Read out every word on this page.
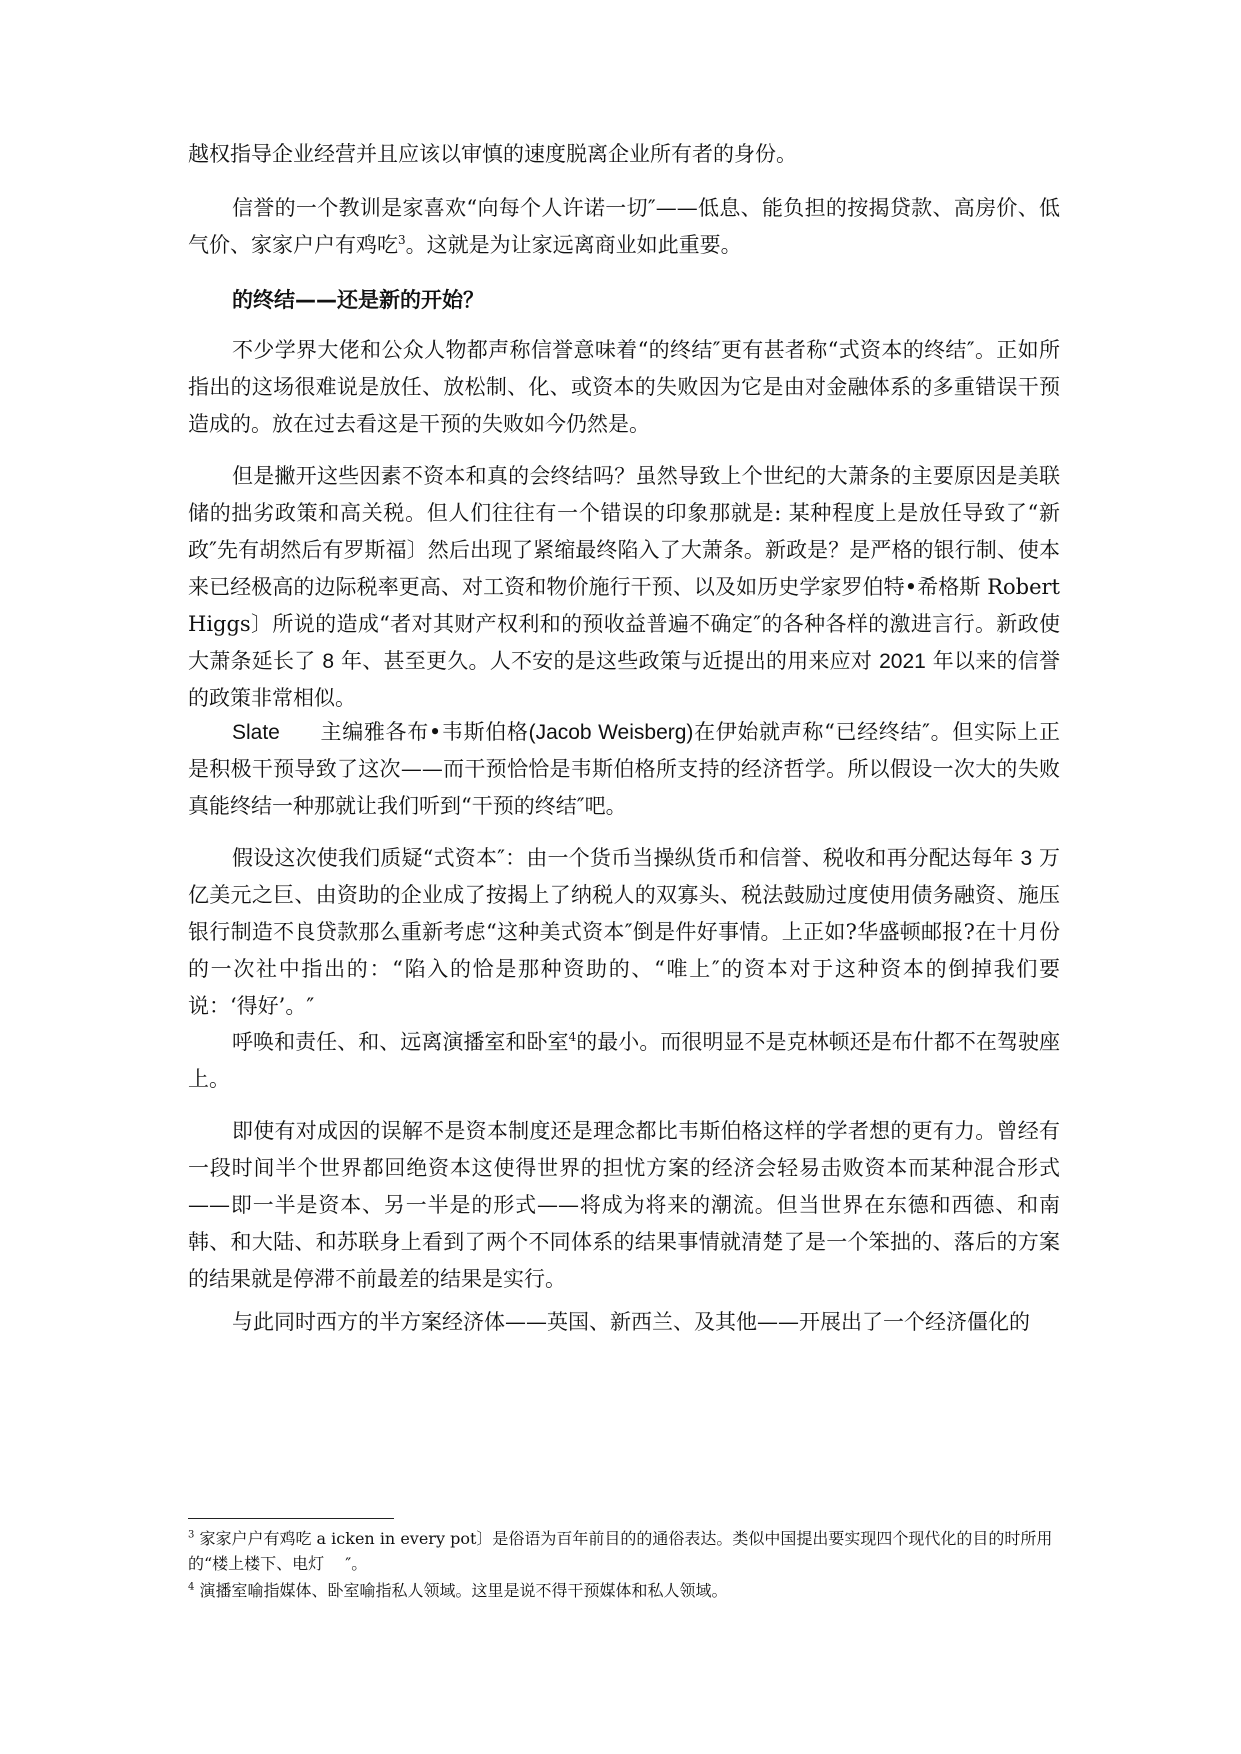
越权指导企业经营并且应该以审慎的速度脱离企业所有者的身份。

信誉的一个教训是家喜欢“向每个人许诺一切″——低息、能负担的按揭贷款、高房价、低气价、家家户户有鸡吃$^3$。这就是为让家远离商业如此重要。

的终结——还是新的开始？

不少学界大佬和公众人物都声称信誉意味着“的终结″更有甚者称“式资本的终结″。正如所指出的这场很难说是放任、放松制、化、或资本的失败因为它是由对金融体系的多重错误干预造成的。放在过去看这是干预的失败如今仍然是。

但是撇开这些因素不资本和真的会终结吗？虽然导致上个世纪的大萧条的主要原因是美联储的拙劣政策和高关税。但人们往往有一个错误的印象那就是: 某种程度上是放任导致了“新政″先有胡然后有罗斯福〕然后出现了紧缩最终陷入了大萧条。新政是？是严格的银行制、使本来已经极高的边际税率更高、对工资和物价施行干预、以及如历史学家罗伯特•希格斯 Robert Higgs〕所说的造成“者对其财产权利和的预收益普遍不确定″的各种各样的激进言行。新政使大萧条延长了 8 年、甚至更久。人不安的是这些政策与近提出的用来应对 2021 年以来的信誉的政策非常相似。

Slate 主编雅各布•韦斯伯格(Jacob Weisberg)在伊始就声称“已经终结″。但实际上正是积极干预导致了这次——而干预恰恰是韦斯伯格所支持的经济哲学。所以假设一次大的失败真能终结一种那就让我们听到“干预的终结″吧。

假设这次使我们质疑“式资本″：由一个货币当操纵货币和信誉、税收和再分配达每年 3 万亿美元之巨、由资助的企业成了按揭上了纳税人的双寡头、税法鼓励过度使用债务融资、施压银行制造不良贷款那么重新考虑“这种美式资本″倒是件好事情。上正如?华盛顿邮报?在十月份的一次社中指出的：“陷入的恰是那种资助的、“唯上″的资本对于这种资本的倒掉我们要说：‘得好’。″

呼唤和责任、和、远离演播室和卧室$^4$的最小。而很明显不是克林顿还是布什都不在驾驶座上。

即使有对成因的误解不是资本制度还是理念都比韦斯伯格这样的学者想的更有力。曾经有一段时间半个世界都回绝资本这使得世界的担忧方案的经济会轻易击败资本而某种混合形式——即一半是资本、另一半是的形式——将成为将来的潮流。但当世界在东德和西德、和南韩、和大陆、和苏联身上看到了两个不同体系的结果事情就清楚了是一个笨拙的、落后的方案的结果就是停滞不前最差的结果是实行。

与此同时西方的半方案经济体——英国、新西兰、及其他——开展出了一个经济僵化的

$^3$ 家家户户有鸡吃 a icken in every pot〕是俗语为百年前目的的通俗表达。类似中国提出要实现四个现代化的目的时所用的“楼上楼下、电灯　 ″。

$^4$ 演播室喻指媒体、卧室喻指私人领域。这里是说不得干预媒体和私人领域。
